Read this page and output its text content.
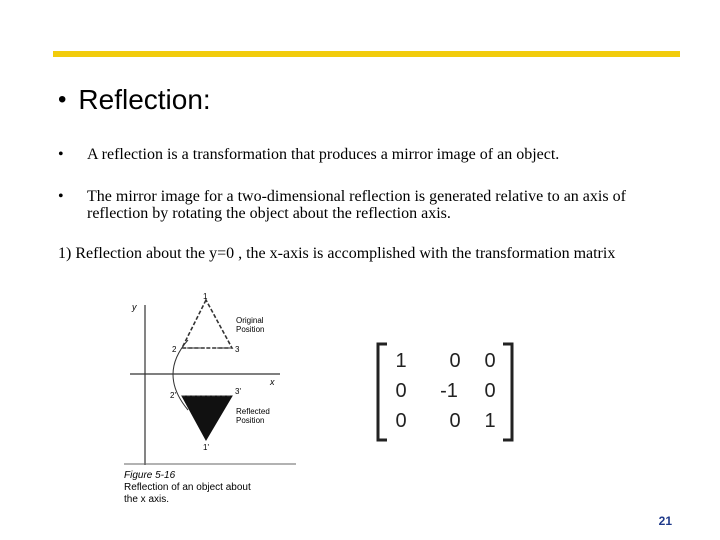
• Reflection:
•	A reflection is a transformation that produces a mirror image of an object.
•	The mirror image for a two-dimensional reflection is generated relative to an axis of reflection by rotating the object about the reflection axis.
1) Reflection about the y=0 , the x-axis is accomplished with the transformation matrix
y
x
1
2	3
Original
Position
2'	3'
1'
Reflected
Position
Figure 5-16
Reflection of an object about
the x axis.
1	0	0
0	-1	0
0	0	1
21
